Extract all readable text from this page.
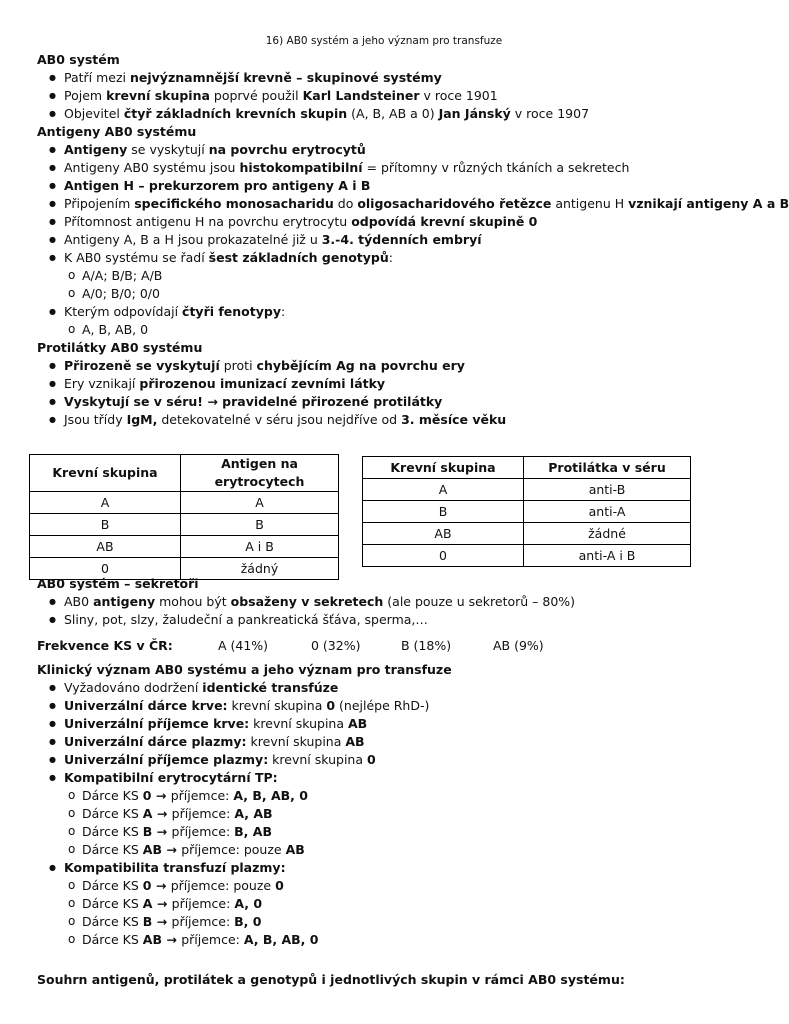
16) AB0 systém a jeho význam pro transfuze
AB0 systém
● Patří mezi nejvýznamnější krevně – skupinové systémy
● Pojem krevní skupina poprvé použil Karl Landsteiner v roce 1901
● Objevitel čtyř základních krevních skupin (A, B, AB a 0) Jan Jánský v roce 1907
Antigeny AB0 systému
● Antigeny se vyskytují na povrchu erytrocytů
● Antigeny AB0 systému jsou histokompatibilní = přítomny v různých tkáních a sekretech
● Antigen H – prekurzorem pro antigeny A i B
● Připojením specifického monosacharidu do oligosacharidového řetězce antigenu H vznikají antigeny A a B
● Přítomnost antigenu H na povrchu erytrocytu odpovídá krevní skupině 0
● Antigeny A, B a H jsou prokazatelné již u 3.-4. týdenních embryí
● K AB0 systému se řadí šest základních genotypů:
o A/A; B/B; A/B
o A/0; B/0; 0/0
● Kterým odpovídají čtyři fenotypy:
o A, B, AB, 0
Protilátky AB0 systému
● Přirozeně se vyskytují proti chybějícím Ag na povrchu ery
● Ery vznikají přirozenou imunizací zevními látky
● Vyskytují se v séru! → pravidelné přirozené protilátky
● Jsou třídy IgM, detekovatelné v séru jsou nejdříve od 3. měsíce věku
Krevní skupina	Antigen na erytrocytech
A	A
B	B
AB	A i B
0	žádný
Krevní skupina	Protilátka v séru
A	anti-B
B	anti-A
AB	žádné
0	anti-A i B
AB0 systém – sekretoři
● AB0 antigeny mohou být obsaženy v sekretech (ale pouze u sekretorů – 80%)
● Sliny, pot, slzy, žaludeční a pankreatická šťáva, sperma,…
Frekvence KS v ČR:	A (41%)	0 (32%)	B (18%)	AB (9%)
Klinický význam AB0 systému a jeho význam pro transfuze
● Vyžadováno dodržení identické transfúze
● Univerzální dárce krve: krevní skupina 0 (nejlépe RhD-)
● Univerzální příjemce krve: krevní skupina AB
● Univerzální dárce plazmy: krevní skupina AB
● Univerzální příjemce plazmy: krevní skupina 0
● Kompatibilní erytrocytární TP:
o Dárce KS 0 → příjemce: A, B, AB, 0
o Dárce KS A → příjemce: A, AB
o Dárce KS B → příjemce: B, AB
o Dárce KS AB → příjemce: pouze AB
● Kompatibilita transfuzí plazmy:
o Dárce KS 0 → příjemce: pouze 0
o Dárce KS A → příjemce: A, 0
o Dárce KS B → příjemce: B, 0
o Dárce KS AB → příjemce: A, B, AB, 0
Souhrn antigenů, protilátek a genotypů i jednotlivých skupin v rámci AB0 systému:
